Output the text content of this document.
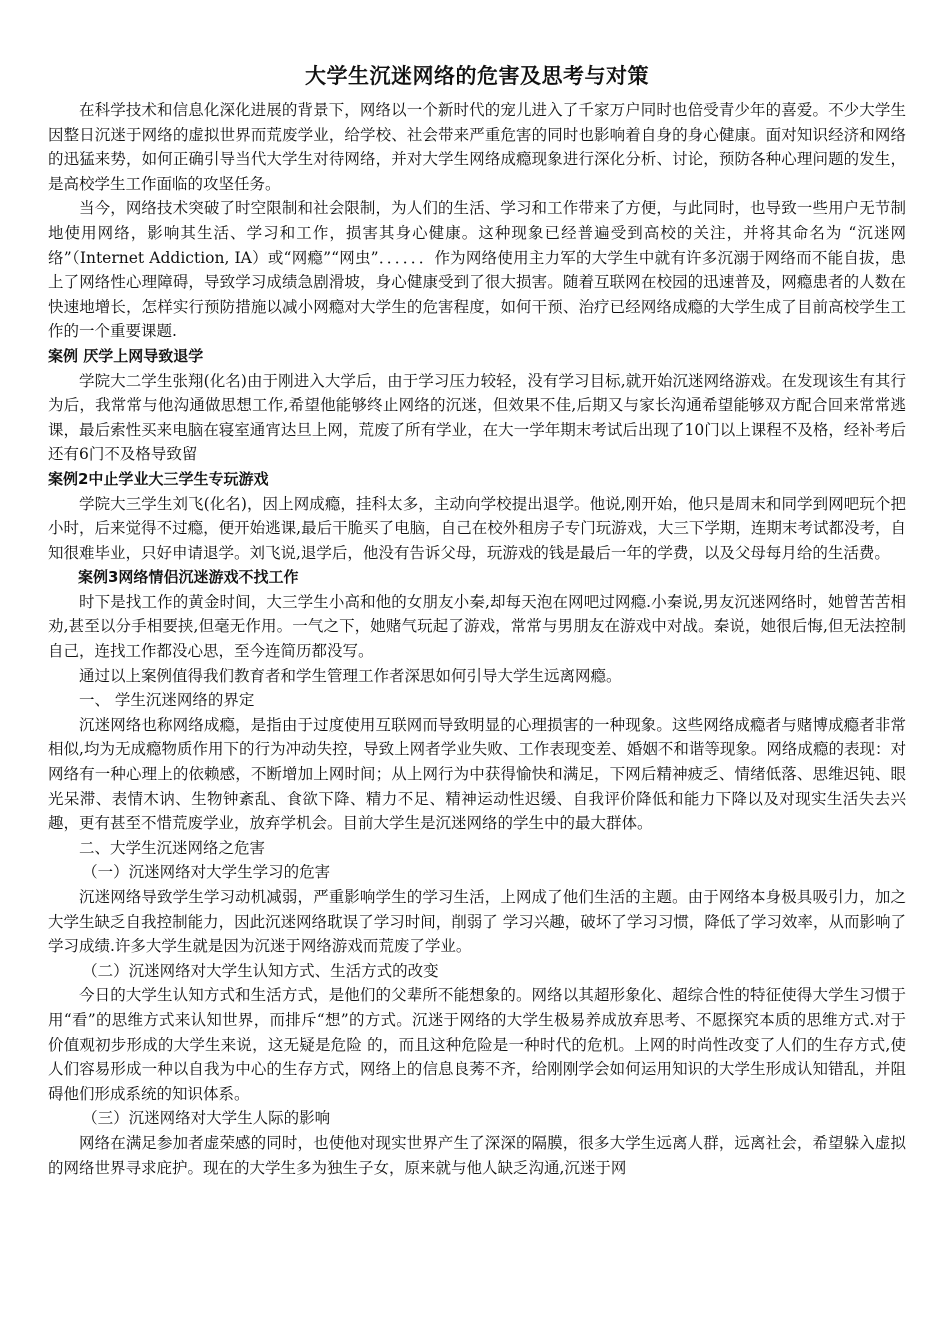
大学生沉迷网络的危害及思考与对策

在科学技术和信息化深化进展的背景下，网络以一个新时代的宠儿进入了千家万户同时也倍受青少年的喜爱。不少大学生因整日沉迷于网络的虚拟世界而荒废学业，给学校、社会带来严重危害的同时也影响着自身的身心健康。面对知识经济和网络的迅猛来势，如何正确引导当代大学生对待网络，并对大学生网络成瘾现象进行深化分析、讨论，预防各种心理问题的发生，是高校学生工作面临的攻坚任务。

当今，网络技术突破了时空限制和社会限制，为人们的生活、学习和工作带来了方便，与此同时，也导致一些用户无节制地使用网络，影响其生活、学习和工作，损害其身心健康。这种现象已经普遍受到高校的关注，并将其命名为 “沉迷网络”（Internet Addiction, IA）或“网瘾”“网虫”．．．．．．作为网络使用主力军的大学生中就有许多沉溺于网络而不能自拔，患上了网络性心理障碍，导致学习成绩急剧滑坡，身心健康受到了很大损害。随着互联网在校园的迅速普及，网瘾患者的人数在快速地增长，怎样实行预防措施以减小网瘾对大学生的危害程度，如何干预、治疗已经网络成瘾的大学生成了目前高校学生工作的一个重要课题.

案例 厌学上网导致退学

学院大二学生张翔(化名)由于刚进入大学后，由于学习压力较轻，没有学习目标,就开始沉迷网络游戏。在发现该生有其行为后，我常常与他沟通做思想工作,希望他能够终止网络的沉迷，但效果不佳,后期又与家长沟通希望能够双方配合回来常常逃课，最后索性买来电脑在寝室通宵达旦上网，荒废了所有学业，在大一学年期末考试后出现了10门以上课程不及格，经补考后还有6门不及格导致留

案例2中止学业大三学生专玩游戏

学院大三学生刘飞(化名)，因上网成瘾，挂科太多，主动向学校提出退学。他说,刚开始，他只是周末和同学到网吧玩个把小时，后来觉得不过瘾，便开始逃课,最后干脆买了电脑，自己在校外租房子专门玩游戏，大三下学期，连期末考试都没考，自知很难毕业，只好申请退学。刘飞说,退学后，他没有告诉父母，玩游戏的钱是最后一年的学费，以及父母每月给的生活费。

案例3网络情侣沉迷游戏不找工作

时下是找工作的黄金时间，大三学生小高和他的女朋友小秦,却每天泡在网吧过网瘾.小秦说,男友沉迷网络时，她曾苦苦相劝,甚至以分手相要挟,但毫无作用。一气之下，她赌气玩起了游戏，常常与男朋友在游戏中对战。秦说，她很后悔,但无法控制自己，连找工作都没心思，至今连简历都没写。

通过以上案例值得我们教育者和学生管理工作者深思如何引导大学生远离网瘾。

一、 学生沉迷网络的界定

沉迷网络也称网络成瘾，是指由于过度使用互联网而导致明显的心理损害的一种现象。这些网络成瘾者与赌博成瘾者非常相似,均为无成瘾物质作用下的行为冲动失控，导致上网者学业失败、工作表现变差、婚姻不和谐等现象。网络成瘾的表现：对网络有一种心理上的依赖感，不断增加上网时间；从上网行为中获得愉快和满足，下网后精神疲乏、情绪低落、思维迟钝、眼 光呆滞、表情木讷、生物钟紊乱、食欲下降、精力不足、精神运动性迟缓、自我评价降低和能力下降以及对现实生活失去兴趣，更有甚至不惜荒废学业，放弃学机会。目前大学生是沉迷网络的学生中的最大群体。

二、大学生沉迷网络之危害

（一）沉迷网络对大学生学习的危害

沉迷网络导致学生学习动机减弱，严重影响学生的学习生活，上网成了他们生活的主题。由于网络本身极具吸引力，加之大学生缺乏自我控制能力，因此沉迷网络耽误了学习时间，削弱了 学习兴趣，破坏了学习习惯，降低了学习效率，从而影响了学习成绩.许多大学生就是因为沉迷于网络游戏而荒废了学业。

（二）沉迷网络对大学生认知方式、生活方式的改变

今日的大学生认知方式和生活方式，是他们的父辈所不能想象的。网络以其超形象化、超综合性的特征使得大学生习惯于用“看”的思维方式来认知世界，而排斥“想”的方式。沉迷于网络的大学生极易养成放弃思考、不愿探究本质的思维方式.对于价值观初步形成的大学生来说，这无疑是危险 的，而且这种危险是一种时代的危机。上网的时尚性改变了人们的生存方式,使人们容易形成一种以自我为中心的生存方式，网络上的信息良莠不齐，给刚刚学会如何运用知识的大学生形成认知错乱，并阻碍他们形成系统的知识体系。

（三）沉迷网络对大学生人际的影响

网络在满足参加者虚荣感的同时，也使他对现实世界产生了深深的隔膜，很多大学生远离人群，远离社会，希望躲入虚拟的网络世界寻求庇护。现在的大学生多为独生子女，原来就与他人缺乏沟通,沉迷于网
